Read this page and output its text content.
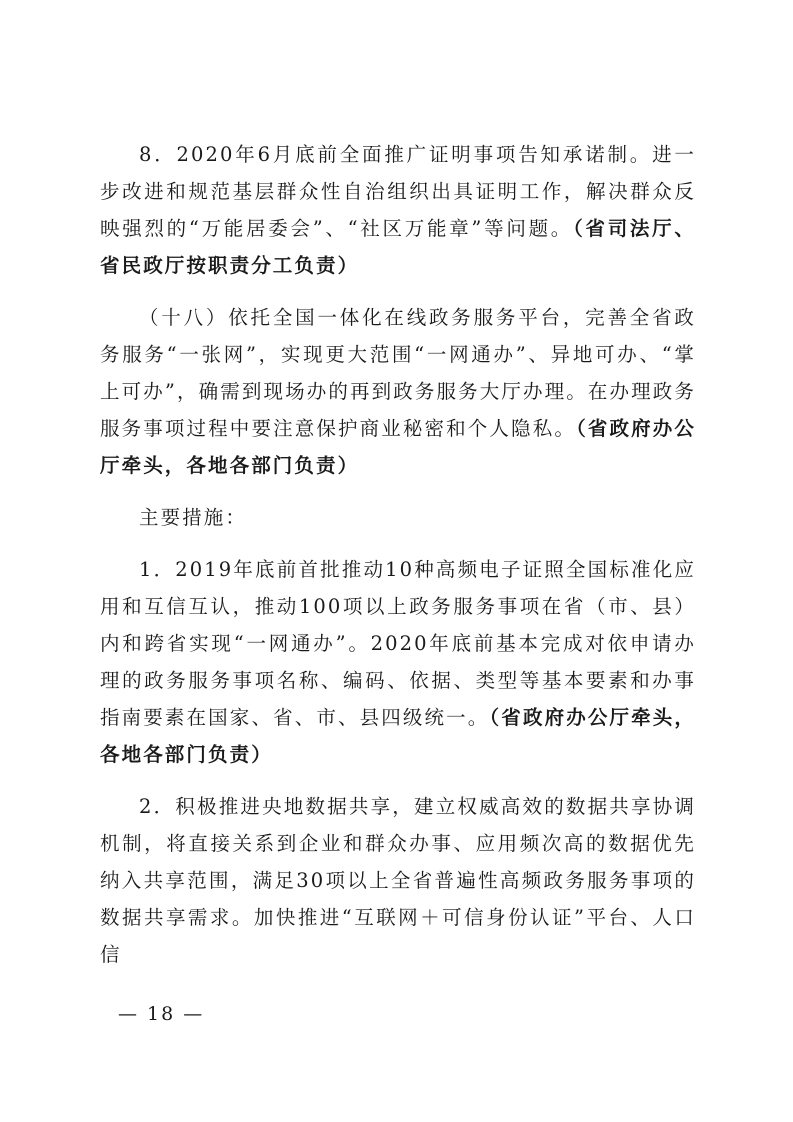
8．2020年6月底前全面推广证明事项告知承诺制。进一步改进和规范基层群众性自治组织出具证明工作，解决群众反映强烈的“万能居委会”、“社区万能章”等问题。（省司法厅、省民政厅按职责分工负责）

（十八）依托全国一体化在线政务服务平台，完善全省政务服务“一张网”，实现更大范围“一网通办”、异地可办、“掌上可办”，确需到现场办的再到政务服务大厅办理。在办理政务服务事项过程中要注意保护商业秘密和个人隐私。（省政府办公厅牵头，各地各部门负责）

主要措施：

1．2019年底前首批推动10种高频电子证照全国标准化应用和互信互认，推动100项以上政务服务事项在省（市、县）内和跨省实现“一网通办”。2020年底前基本完成对依申请办理的政务服务事项名称、编码、依据、类型等基本要素和办事指南要素在国家、省、市、县四级统一。（省政府办公厅牵头，各地各部门负责）

2．积极推进央地数据共享，建立权威高效的数据共享协调机制，将直接关系到企业和群众办事、应用频次高的数据优先纳入共享范围，满足30项以上全省普遍性高频政务服务事项的数据共享需求。加快推进“互联网＋可信身份认证”平台、人口信

— 18 —
